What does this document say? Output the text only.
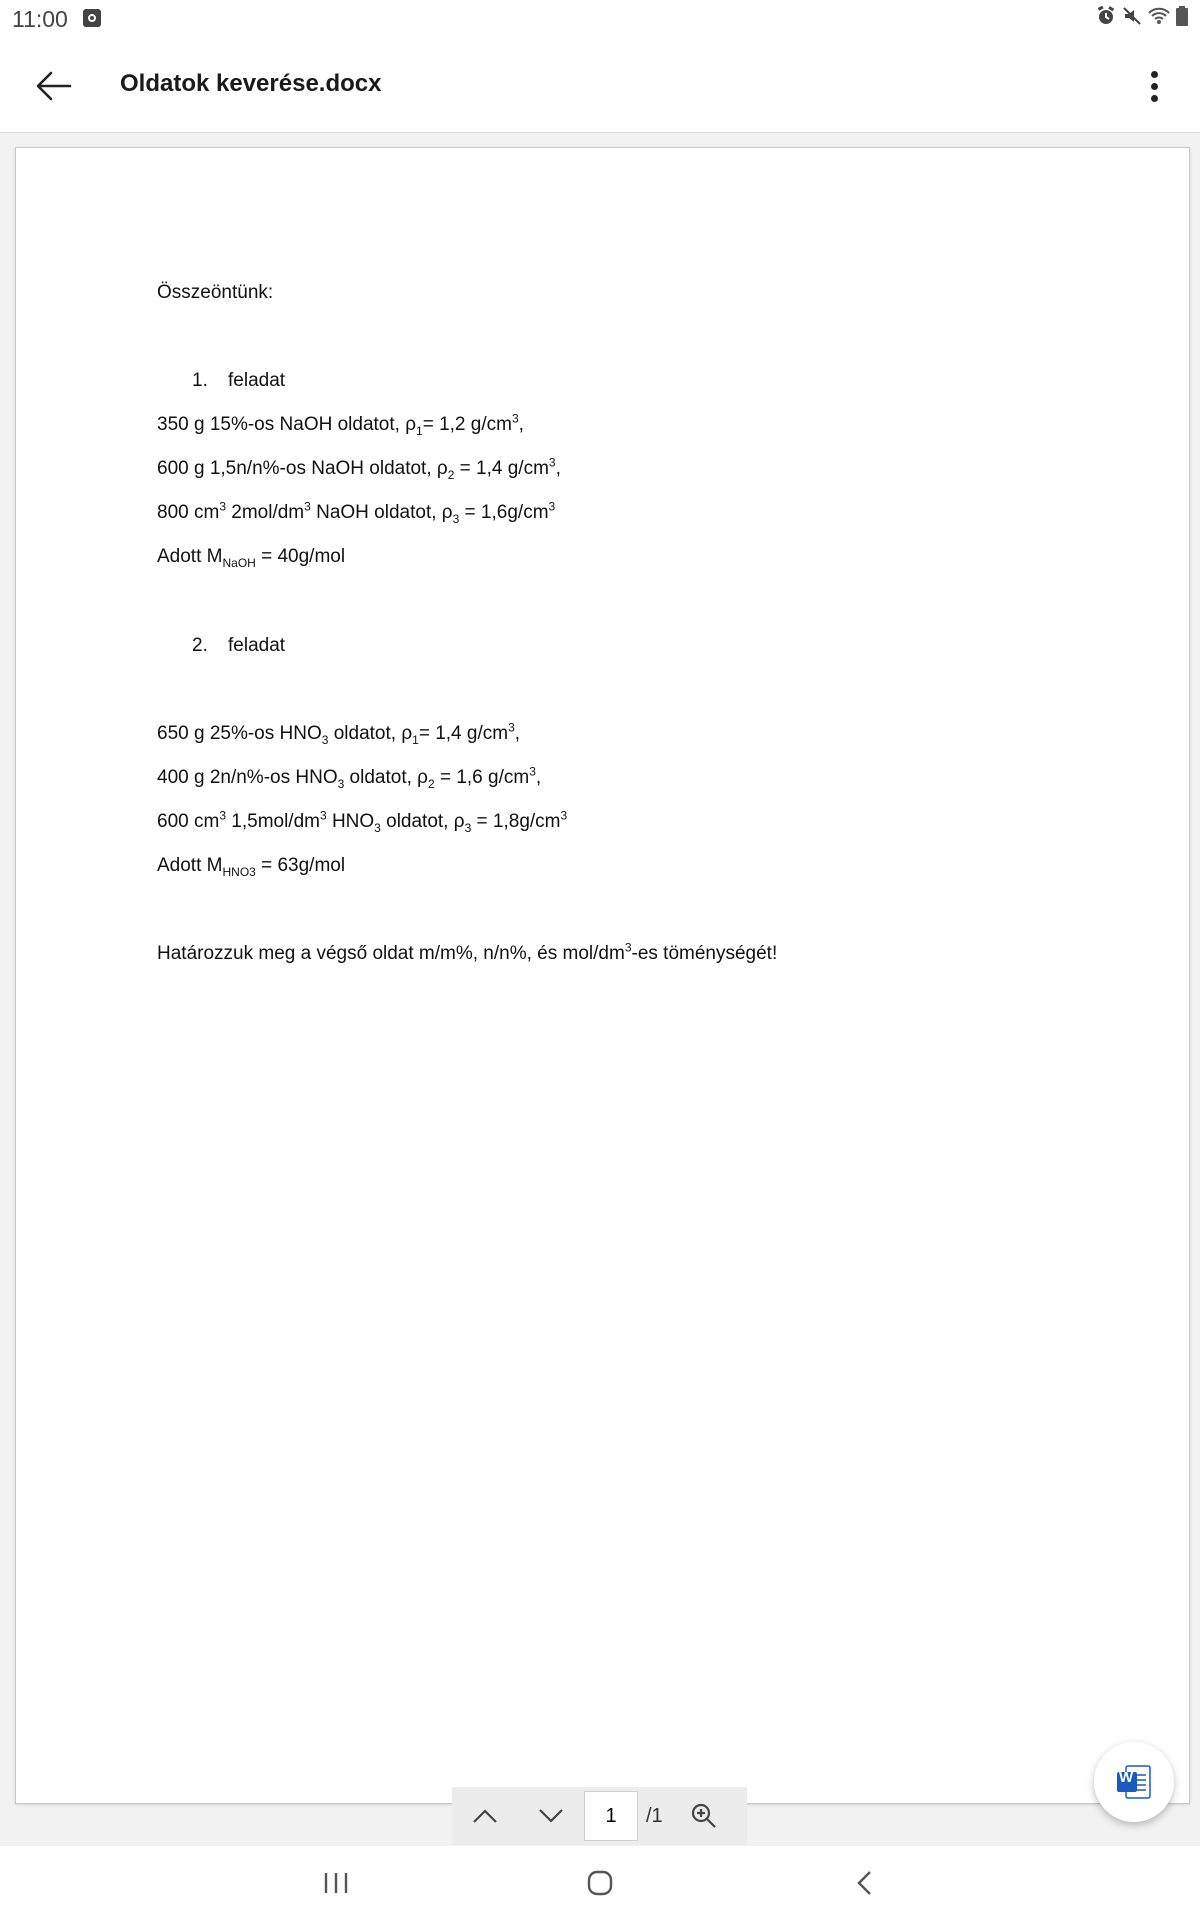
11:00
Oldatok keverése.docx
Összeöntünk:
1. feladat
350 g 15%-os NaOH oldatot, $\rho_1= 1,2$ $g/cm^3$,
600 g 1,5n/n%-os NaOH oldatot, $\rho_2 = 1,4$ $g/cm^3$,
800 $cm^3$ $2mol/dm^3$ NaOH oldatot, $\rho_3 = 1,6g/cm^3$
Adott $M_{NaOH} = 40g/mol$
2. feladat
650 g 25%-os $HNO_3$ oldatot, $\rho_1= 1,4$ $g/cm^3$,
400 g 2n/n%-os $HNO_3$ oldatot, $\rho_2 = 1,6$ $g/cm^3$,
600 $cm^3$ $1,5mol/dm^3$ $HNO_3$ oldatot, $\rho_3 = 1,8g/cm^3$
Adott $M_{HNO3} = 63g/mol$
Határozzuk meg a végső oldat m/m%, n/n%, és mol/$dm^3-es$ töménységét!
1	/1
W
